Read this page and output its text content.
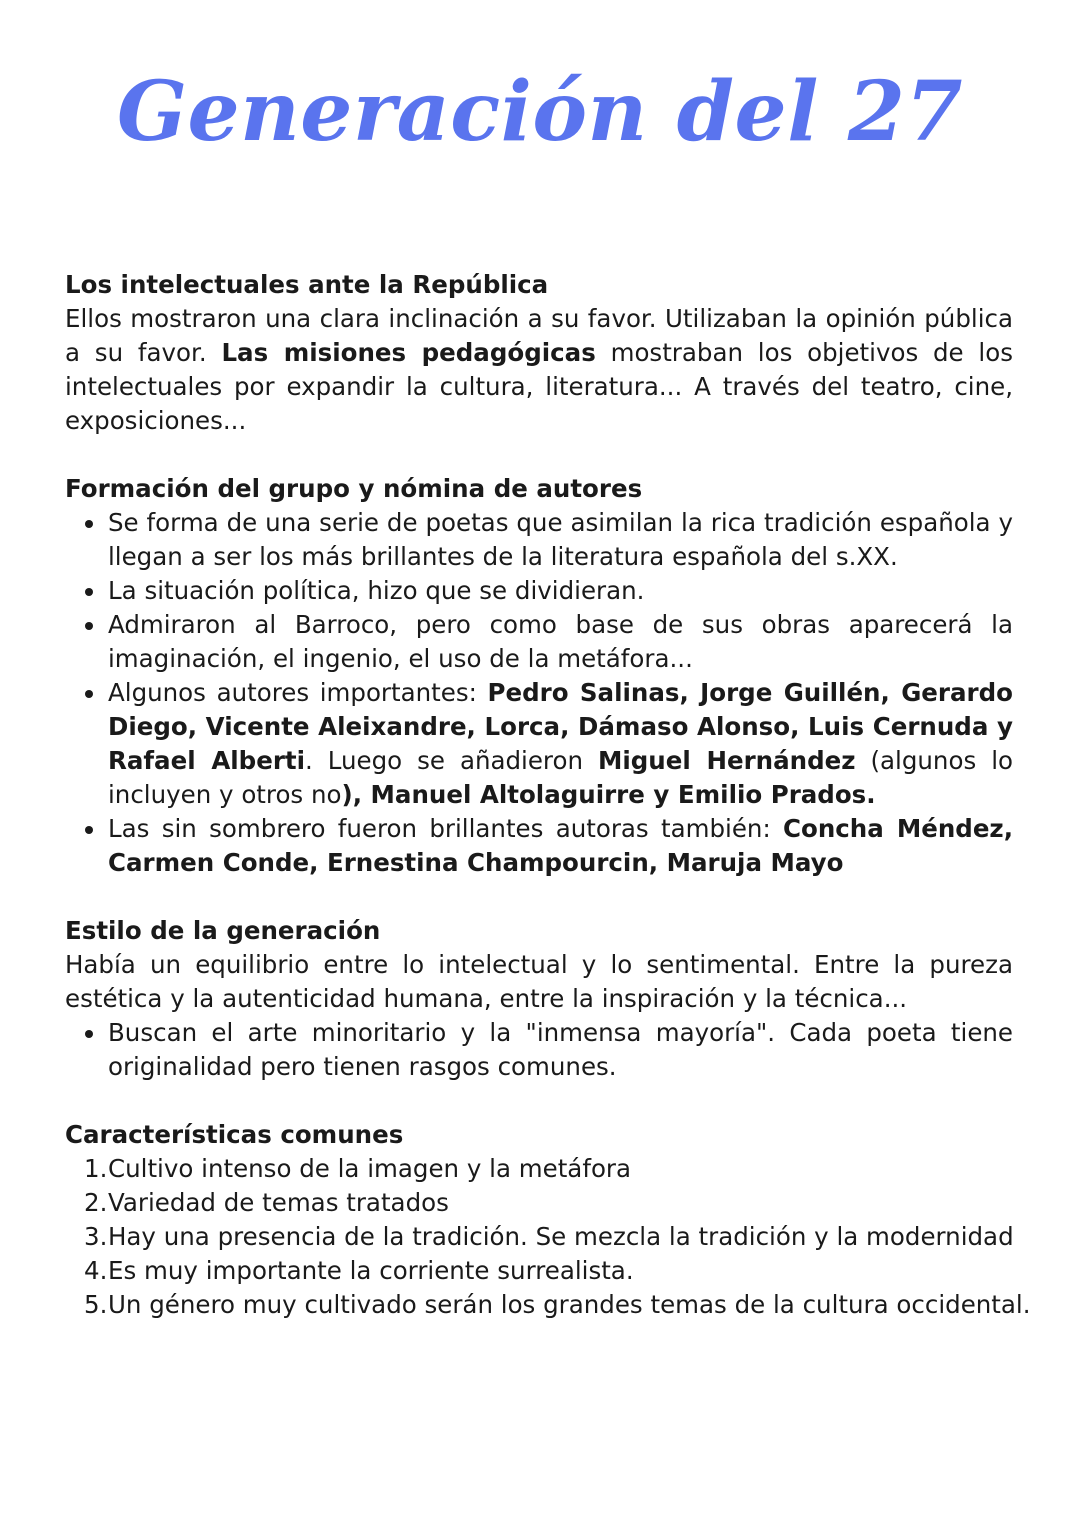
Generación del 27
Los intelectuales ante la República

Ellos mostraron una clara inclinación a su favor. Utilizaban la opinión pública a su favor. Las misiones pedagógicas mostraban los objetivos de los intelectuales por expandir la cultura, literatura... A través del teatro, cine, exposiciones...

Formación del grupo y nómina de autores
Se forma de una serie de poetas que asimilan la rica tradición española y llegan a ser los más brillantes de la literatura española del s.XX.
La situación política, hizo que se dividieran.
Admiraron al Barroco, pero como base de sus obras aparecerá la imaginación, el ingenio, el uso de la metáfora...
Algunos autores importantes: Pedro Salinas, Jorge Guillén, Gerardo Diego, Vicente Aleixandre, Lorca, Dámaso Alonso, Luis Cernuda y Rafael Alberti. Luego se añadieron Miguel Hernández (algunos lo incluyen y otros no), Manuel Altolaguirre y Emilio Prados.
Las sin sombrero fueron brillantes autoras también: Concha Méndez, Carmen Conde, Ernestina Champourcin, Maruja Mayo
Estilo de la generación

Había un equilibrio entre lo intelectual y lo sentimental. Entre la pureza estética y la autenticidad humana, entre la inspiración y la técnica...

Buscan el arte minoritario y la "inmensa mayoría". Cada poeta tiene originalidad pero tienen rasgos comunes.
Características comunes
1. Cultivo intenso de la imagen y la metáfora
2. Variedad de temas tratados
3. Hay una presencia de la tradición. Se mezcla la tradición y la modernidad
4. Es muy importante la corriente surrealista.
5. Un género muy cultivado serán los grandes temas de la cultura occidental.
